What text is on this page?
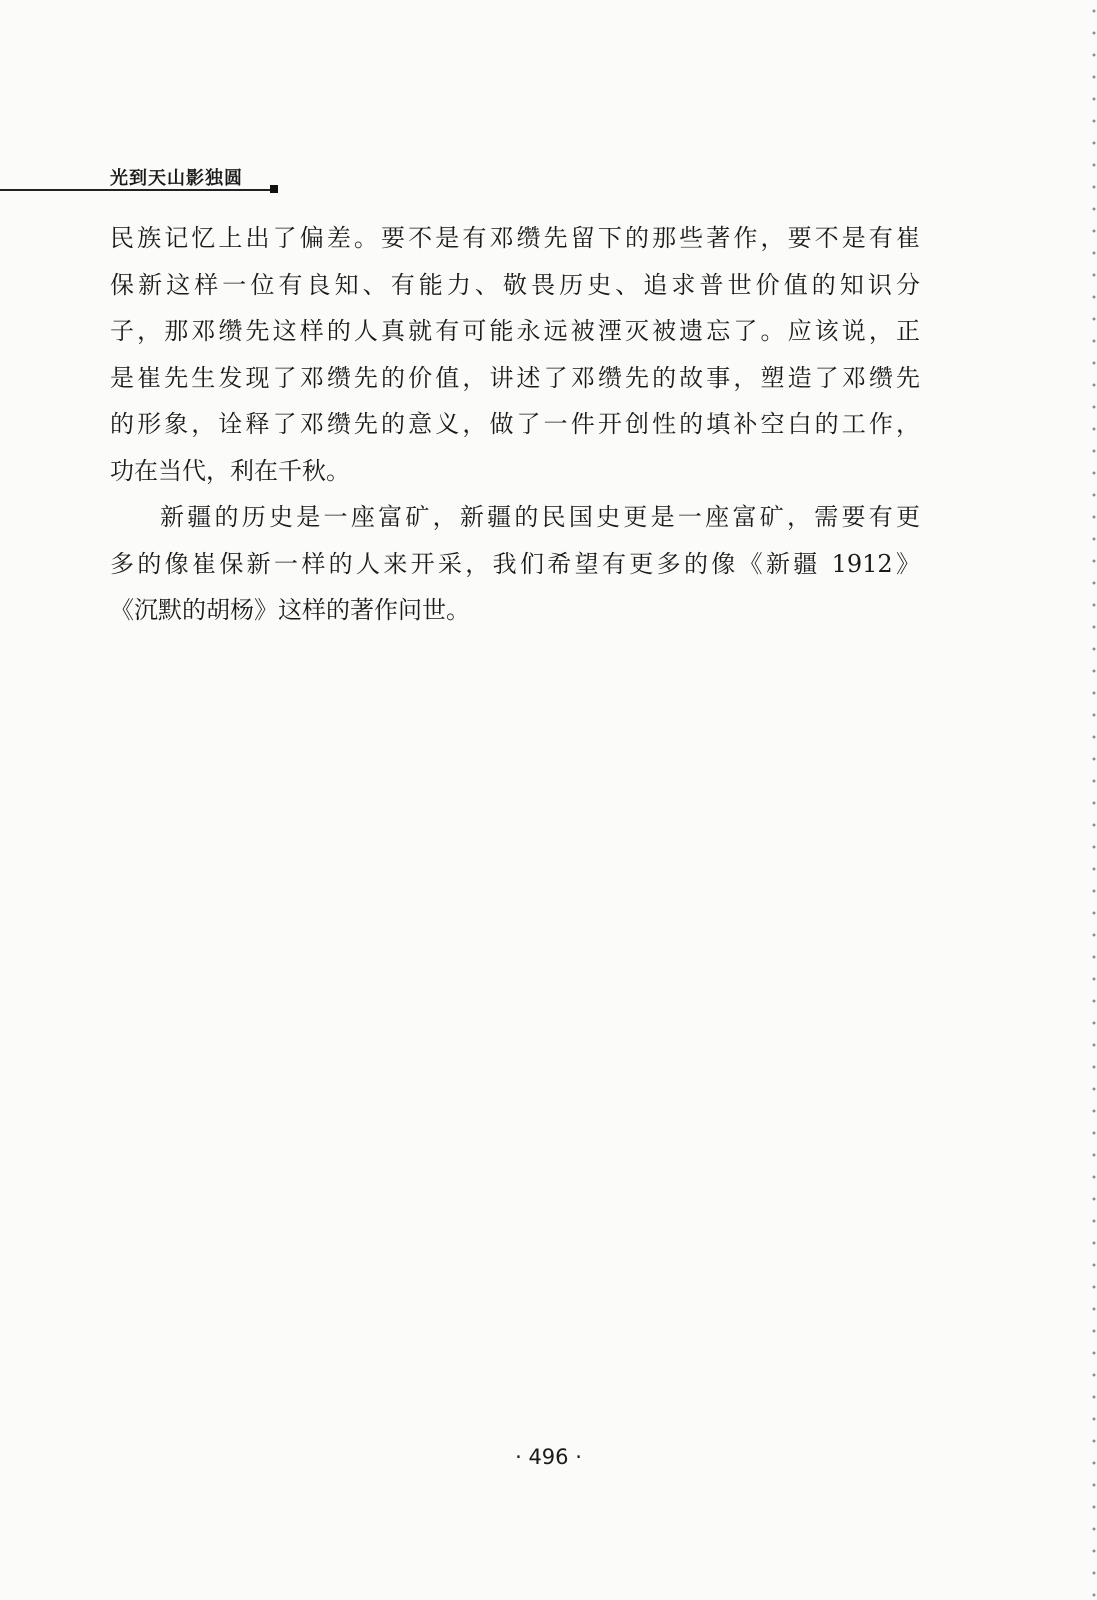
光到天山影独圆
民族记忆上出了偏差。要不是有邓缵先留下的那些著作，要不是有崔
保新这样一位有良知、有能力、敬畏历史、追求普世价值的知识分
子，那邓缵先这样的人真就有可能永远被湮灭被遗忘了。应该说，正
是崔先生发现了邓缵先的价值，讲述了邓缵先的故事，塑造了邓缵先
的形象，诠释了邓缵先的意义，做了一件开创性的填补空白的工作，
功在当代，利在千秋。
新疆的历史是一座富矿，新疆的民国史更是一座富矿，需要有更
多的像崔保新一样的人来开采，我们希望有更多的像《新疆 1912》
《沉默的胡杨》这样的著作问世。
· 496 ·
